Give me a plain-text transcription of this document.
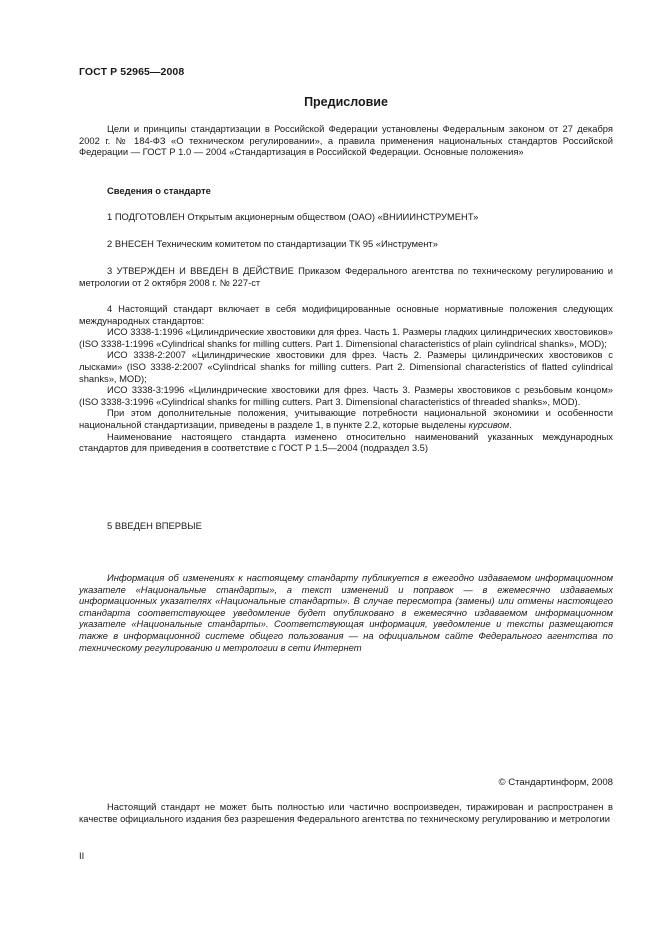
ГОСТ Р 52965—2008
Предисловие

Цели и принципы стандартизации в Российской Федерации установлены Федеральным законом от 27 декабря 2002 г. № 184-ФЗ «О техническом регулировании», а правила применения национальных стандартов Российской Федерации — ГОСТ Р 1.0 — 2004 «Стандартизация в Российской Федерации. Основные положения»

Сведения о стандарте

1 ПОДГОТОВЛЕН Открытым акционерным обществом (ОАО) «ВНИИИНСТРУМЕНТ»

2 ВНЕСЕН Техническим комитетом по стандартизации ТК 95 «Инструмент»

3 УТВЕРЖДЕН И ВВЕДЕН В ДЕЙСТВИЕ Приказом Федерального агентства по техническому регулированию и метрологии от 2 октября 2008 г. № 227-ст

4 Настоящий стандарт включает в себя модифицированные основные нормативные положения следующих международных стандартов:

ИСО 3338-1:1996 «Цилиндрические хвостовики для фрез. Часть 1. Размеры гладких цилиндрических хвостовиков» (ISO 3338-1:1996 «Cylindrical shanks for milling cutters. Part 1. Dimensional characteristics of plain cylindrical shanks», MOD);

ИСО 3338-2:2007 «Цилиндрические хвостовики для фрез. Часть 2. Размеры цилиндрических хвостовиков с лысками» (ISO 3338-2:2007 «Cylindrical shanks for milling cutters. Part 2. Dimensional characteristics of flatted cylindrical shanks», MOD);

ИСО 3338-3:1996 «Цилиндрические хвостовики для фрез. Часть 3. Размеры хвостовиков с резьбовым концом» (ISO 3338-3:1996 «Cylindrical shanks for milling cutters. Part 3. Dimensional characteristics of threaded shanks», MOD).

При этом дополнительные положения, учитывающие потребности национальной экономики и особенности национальной стандартизации, приведены в разделе 1, в пункте 2.2, которые выделены курсивом.

Наименование настоящего стандарта изменено относительно наименований указанных международных стандартов для приведения в соответствие с ГОСТ Р 1.5—2004 (подраздел 3.5)

5 ВВЕДЕН ВПЕРВЫЕ

Информация об изменениях к настоящему стандарту публикуется в ежегодно издаваемом информационном указателе «Национальные стандарты», а текст изменений и поправок — в ежемесячно издаваемых информационных указателях «Национальные стандарты». В случае пересмотра (замены) или отмены настоящего стандарта соответствующее уведомление будет опубликовано в ежемесячно издаваемом информационном указателе «Национальные стандарты». Соответствующая информация, уведомление и тексты размещаются также в информационной системе общего пользования — на официальном сайте Федерального агентства по техническому регулированию и метрологии в сети Интернет

© Стандартинформ, 2008

Настоящий стандарт не может быть полностью или частично воспроизведен, тиражирован и распространен в качестве официального издания без разрешения Федерального агентства по техническому регулированию и метрологии

II
